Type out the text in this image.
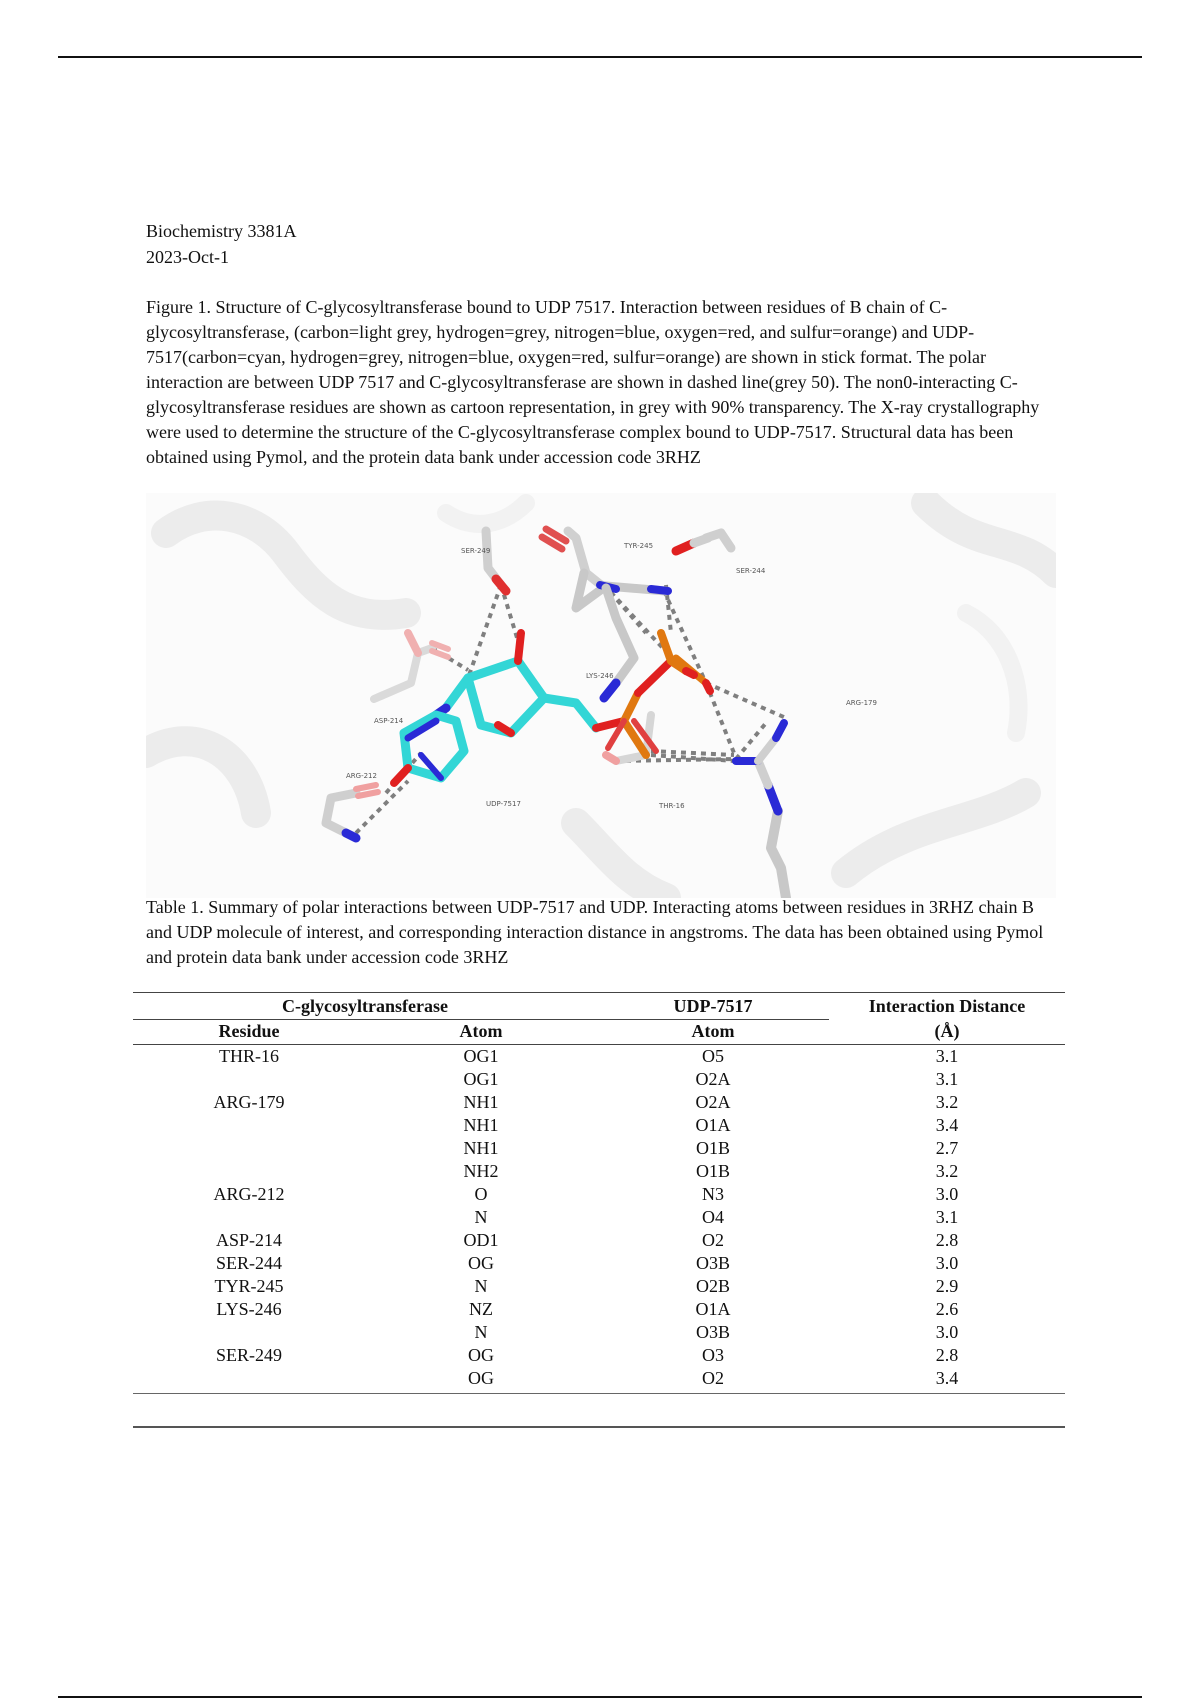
Biochemistry 3381A
2023-Oct-1
Figure 1. Structure of C-glycosyltransferase bound to UDP 7517. Interaction between residues of B chain of C-glycosyltransferase, (carbon=light grey, hydrogen=grey, nitrogen=blue, oxygen=red, and sulfur=orange) and UDP-7517(carbon=cyan, hydrogen=grey, nitrogen=blue, oxygen=red, sulfur=orange) are shown in stick format. The polar interaction are between UDP 7517 and C-glycosyltransferase are shown in dashed line(grey 50). The non0-interacting C-glycosyltransferase residues are shown as cartoon representation, in grey with 90% transparency. The X-ray crystallography were used to determine the structure of the C-glycosyltransferase complex bound to UDP-7517. Structural data has been obtained using Pymol, and the protein data bank under accession code 3RHZ
SER-249
TYR-245
SER-244
LYS-246
ARG-179
ASP-214
ARG-212
UDP-7517	THR-16
Table 1. Summary of polar interactions between UDP-7517 and UDP. Interacting atoms between residues in 3RHZ chain B and UDP molecule of interest, and corresponding interaction distance in angstroms. The data has been obtained using Pymol and protein data bank under accession code 3RHZ
C-glycosyltransferase		UDP-7517	Interaction Distance
Residue	Atom	Atom	(Å)
THR-16	OG1	O5	3.1
	OG1	O2A	3.1
ARG-179	NH1	O2A	3.2
	NH1	O1A	3.4
	NH1	O1B	2.7
	NH2	O1B	3.2
ARG-212	O	N3	3.0
	N	O4	3.1
ASP-214	OD1	O2	2.8
SER-244	OG	O3B	3.0
TYR-245	N	O2B	2.9
LYS-246	NZ	O1A	2.6
	N	O3B	3.0
SER-249	OG	O3	2.8
	OG	O2	3.4
